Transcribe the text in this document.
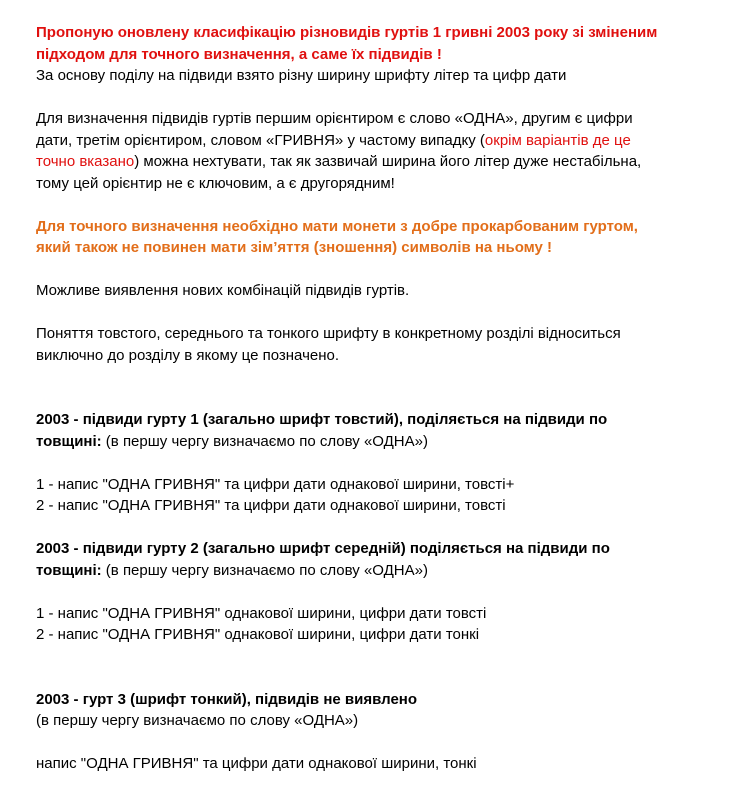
Пропоную оновлену класифікацію різновидів гуртів 1 гривні 2003 року зі зміненим

підходом для точного визначення, а саме їх підвидів !

За основу поділу на підвиди взято різну ширину шрифту літер та цифр дати

Для визначення підвидів гуртів першим орієнтиром є слово «ОДНА», другим є цифри

дати, третім орієнтиром, словом «ГРИВНЯ» у частому випадку (окрім варіантів де це

точно вказано) можна нехтувати, так як зазвичай ширина його літер дуже нестабільна,

тому цей орієнтир не є ключовим, а є другорядним!

Для точного визначення необхідно мати монети з добре прокарбованим гуртом,

який також не повинен мати зім’яття (зношення) символів на ньому !

Можливе виявлення нових комбінацій підвидів гуртів.

Поняття товстого, середнього та тонкого шрифту в конкретному розділі відноситься

виключно до розділу в якому це позначено.

2003 - підвиди гурту 1 (загально шрифт товстий), поділяється на підвиди по

товщині: (в першу чергу визначаємо по слову «ОДНА»)

1 - напис "ОДНА ГРИВНЯ" та цифри дати однакової ширини, товсті+

2 - напис "ОДНА ГРИВНЯ" та цифри дати однакової ширини, товсті

2003 - підвиди гурту 2 (загально шрифт середній) поділяється на підвиди по

товщині: (в першу чергу визначаємо по слову «ОДНА»)

1 - напис "ОДНА ГРИВНЯ" однакової ширини, цифри дати товсті

2 - напис "ОДНА ГРИВНЯ" однакової ширини, цифри дати тонкі

2003 - гурт 3 (шрифт тонкий), підвидів не виявлено

(в першу чергу визначаємо по слову «ОДНА»)

напис "ОДНА ГРИВНЯ" та цифри дати однакової ширини, тонкі
